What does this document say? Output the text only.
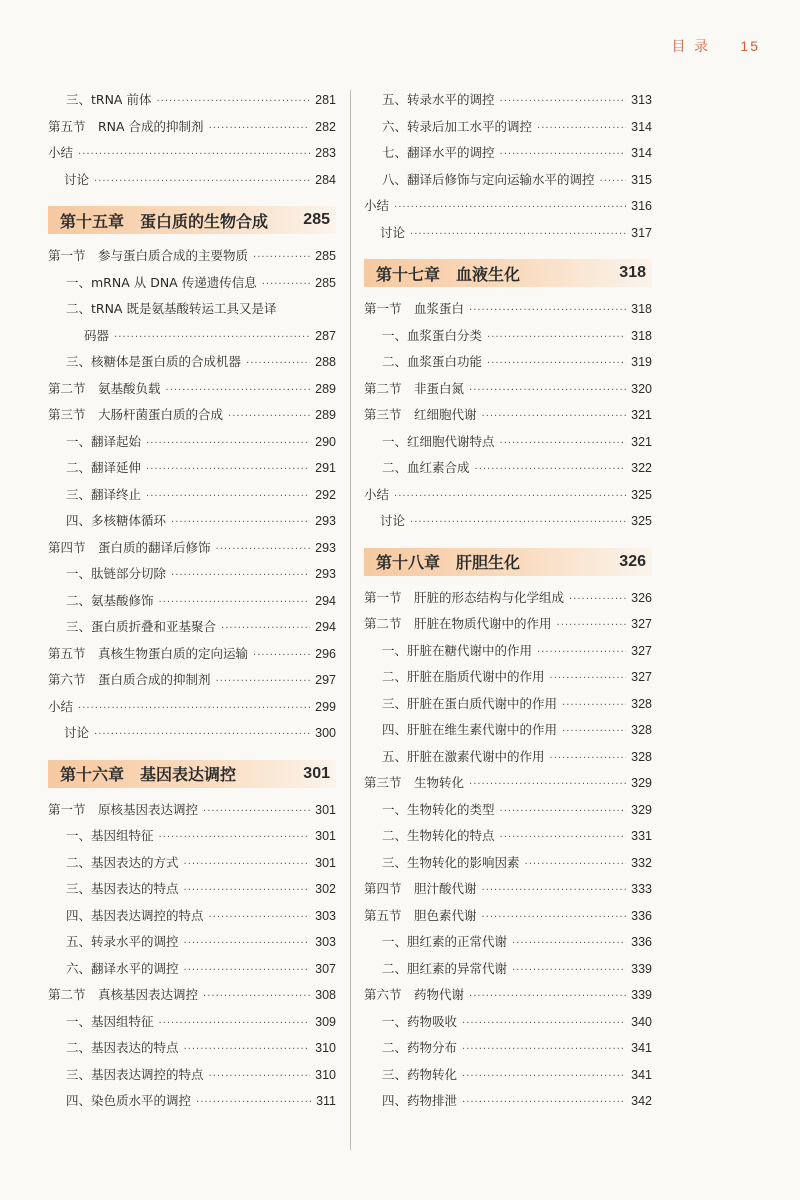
目 录 15
三、tRNA 前体 ·····	281
第五节　RNA 合成的抑制剂 ·····	282
小结 ·····	283
讨论 ·····	284
第十五章　蛋白质的生物合成 285
第一节　参与蛋白质合成的主要物质 ·····	285
一、mRNA 从 DNA 传递遗传信息 ·····	285
二、tRNA 既是氨基酸转运工具又是译
码器 ·····	287
三、核糖体是蛋白质的合成机器 ·····	288
第二节　氨基酸负载 ·····	289
第三节　大肠杆菌蛋白质的合成 ·····	289
一、翻译起始 ·····	290
二、翻译延伸 ·····	291
三、翻译终止 ·····	292
四、多核糖体循环 ·····	293
第四节　蛋白质的翻译后修饰 ·····	293
一、肽链部分切除 ·····	293
二、氨基酸修饰 ·····	294
三、蛋白质折叠和亚基聚合 ·····	294
第五节　真核生物蛋白质的定向运输 ·····	296
第六节　蛋白质合成的抑制剂 ·····	297
小结 ·····	299
讨论 ·····	300
第十六章　基因表达调控	301
第一节　原核基因表达调控 ·····	301
一、基因组特征 ·····	301
二、基因表达的方式 ·····	301
三、基因表达的特点 ·····	302
四、基因表达调控的特点 ·····	303
五、转录水平的调控 ·····	303
六、翻译水平的调控 ·····	307
第二节　真核基因表达调控 ·····	308
一、基因组特征 ·····	309
二、基因表达的特点 ·····	310
三、基因表达调控的特点 ·····	310
四、染色质水平的调控 ·····	311
五、转录水平的调控 ·····	313
六、转录后加工水平的调控 ·····	314
七、翻译水平的调控 ·····	314
八、翻译后修饰与定向运输水平的调控 ·····	315
小结 ·····	316
讨论 ·····	317
第十七章　血液生化	318
第一节　血浆蛋白 ·····	318
一、血浆蛋白分类 ·····	318
二、血浆蛋白功能 ·····	319
第二节　非蛋白氮 ·····	320
第三节　红细胞代谢 ·····	321
一、红细胞代谢特点 ·····	321
二、血红素合成 ·····	322
小结 ·····	325
讨论 ·····	325
第十八章　肝胆生化	326
第一节　肝脏的形态结构与化学组成 ·····	326
第二节　肝脏在物质代谢中的作用 ·····	327
一、肝脏在糖代谢中的作用 ·····	327
二、肝脏在脂质代谢中的作用 ·····	327
三、肝脏在蛋白质代谢中的作用 ·····	328
四、肝脏在维生素代谢中的作用 ·····	328
五、肝脏在激素代谢中的作用 ·····	328
第三节　生物转化 ·····	329
一、生物转化的类型 ·····	329
二、生物转化的特点 ·····	331
三、生物转化的影响因素 ·····	332
第四节　胆汁酸代谢 ·····	333
第五节　胆色素代谢 ·····	336
一、胆红素的正常代谢 ·····	336
二、胆红素的异常代谢 ·····	339
第六节　药物代谢 ·····	339
一、药物吸收 ·····	340
二、药物分布 ·····	341
三、药物转化 ·····	341
四、药物排泄 ·····	342
